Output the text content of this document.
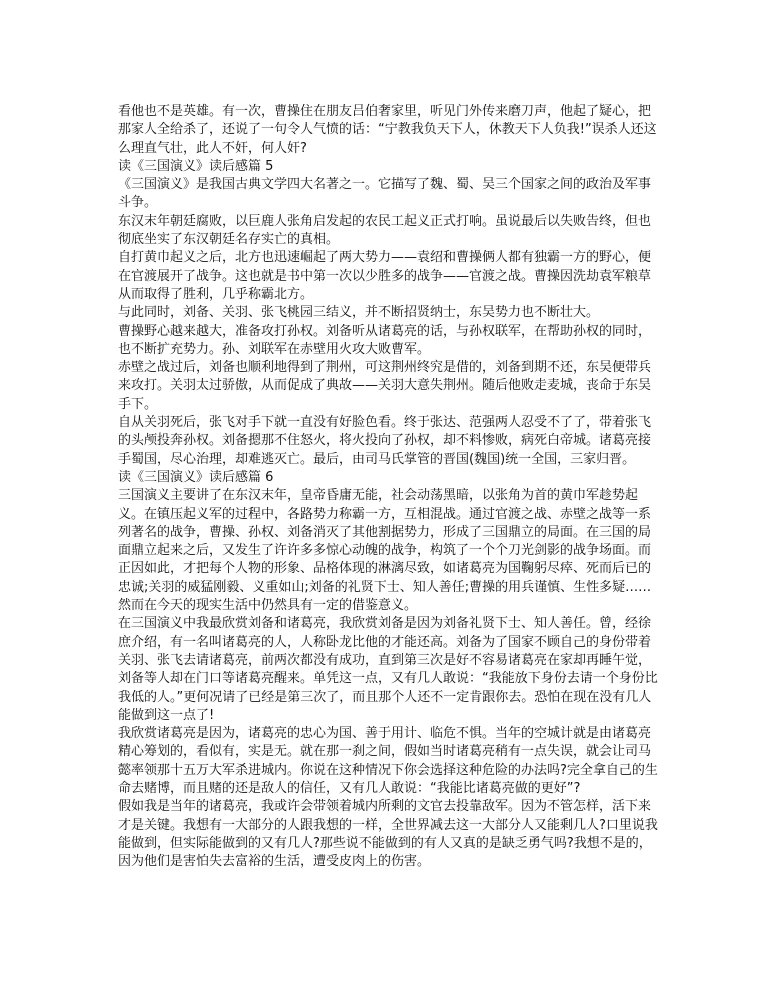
看他也不是英雄。有一次，曹操住在朋友吕伯奢家里，听见门外传来磨刀声，他起了疑心，把那家人全给杀了，还说了一句令人气愤的话：“宁教我负天下人，休教天下人负我!”误杀人还这么理直气壮，此人不奸，何人奸?

读《三国演义》读后感篇 5

《三国演义》是我国古典文学四大名著之一。它描写了魏、蜀、吴三个国家之间的政治及军事斗争。

东汉末年朝廷腐败，以巨鹿人张角启发起的农民工起义正式打响。虽说最后以失败告终，但也彻底坐实了东汉朝廷名存实亡的真相。

自打黄巾起义之后，北方也迅速崛起了两大势力——袁绍和曹操俩人都有独霸一方的野心，便在官渡展开了战争。这也就是书中第一次以少胜多的战争——官渡之战。曹操因洗劫袁军粮草从而取得了胜利，几乎称霸北方。

与此同时，刘备、关羽、张飞桃园三结义，并不断招贤纳士，东吴势力也不断壮大。

曹操野心越来越大，准备攻打孙权。刘备听从诸葛亮的话，与孙权联军，在帮助孙权的同时，也不断扩充势力。孙、刘联军在赤壁用火攻大败曹军。

赤壁之战过后，刘备也顺利地得到了荆州，可这荆州终究是借的，刘备到期不还，东吴便带兵来攻打。关羽太过骄傲，从而促成了典故——关羽大意失荆州。随后他败走麦城，丧命于东吴手下。

自从关羽死后，张飞对手下就一直没有好脸色看。终于张达、范强两人忍受不了了，带着张飞的头颅投奔孙权。刘备摁那不住怒火，将火投向了孙权，却不料惨败，病死白帝城。诸葛亮接手蜀国，尽心治理，却难逃灭亡。最后，由司马氏掌管的晋国(魏国)统一全国，三家归晋。

读《三国演义》读后感篇 6

三国演义主要讲了在东汉末年，皇帝昏庸无能，社会动荡黑暗，以张角为首的黄巾军趁势起义。在镇压起义军的过程中，各路势力称霸一方，互相混战。通过官渡之战、赤壁之战等一系列著名的战争，曹操、孙权、刘备消灭了其他割据势力，形成了三国鼎立的局面。在三国的局面鼎立起来之后，又发生了许许多多惊心动魄的战争，构筑了一个个刀光剑影的战争场面。而正因如此，才把每个人物的形象、品格体现的淋漓尽致，如诸葛亮为国鞠躬尽瘁、死而后已的忠诚;关羽的威猛刚毅、义重如山;刘备的礼贤下士、知人善任;曹操的用兵谨慎、生性多疑……然而在今天的现实生活中仍然具有一定的借鉴意义。

在三国演义中我最欣赏刘备和诸葛亮，我欣赏刘备是因为刘备礼贤下士、知人善任。曾，经徐庶介绍，有一名叫诸葛亮的人，人称卧龙比他的才能还高。刘备为了国家不顾自己的身份带着关羽、张飞去请诸葛亮，前两次都没有成功，直到第三次是好不容易诸葛亮在家却再睡午觉，刘备等人却在门口等诸葛亮醒来。单凭这一点，又有几人敢说：“我能放下身份去请一个身份比我低的人。”更何况请了已经是第三次了，而且那个人还不一定肯跟你去。恐怕在现在没有几人能做到这一点了!

我欣赏诸葛亮是因为，诸葛亮的忠心为国、善于用计、临危不惧。当年的空城计就是由诸葛亮精心筹划的，看似有，实是无。就在那一刹之间，假如当时诸葛亮稍有一点失误，就会让司马懿率领那十五万大军杀进城内。你说在这种情况下你会选择这种危险的办法吗?完全拿自己的生命去赌博，而且赌的还是敌人的信任，又有几人敢说：“我能比诸葛亮做的更好”?

假如我是当年的诸葛亮，我或许会带领着城内所剩的文官去投靠敌军。因为不管怎样，活下来才是关键。我想有一大部分的人跟我想的一样，全世界减去这一大部分人又能剩几人?口里说我能做到，但实际能做到的又有几人?那些说不能做到的有人又真的是缺乏勇气吗?我想不是的，因为他们是害怕失去富裕的生活，遭受皮肉上的伤害。
